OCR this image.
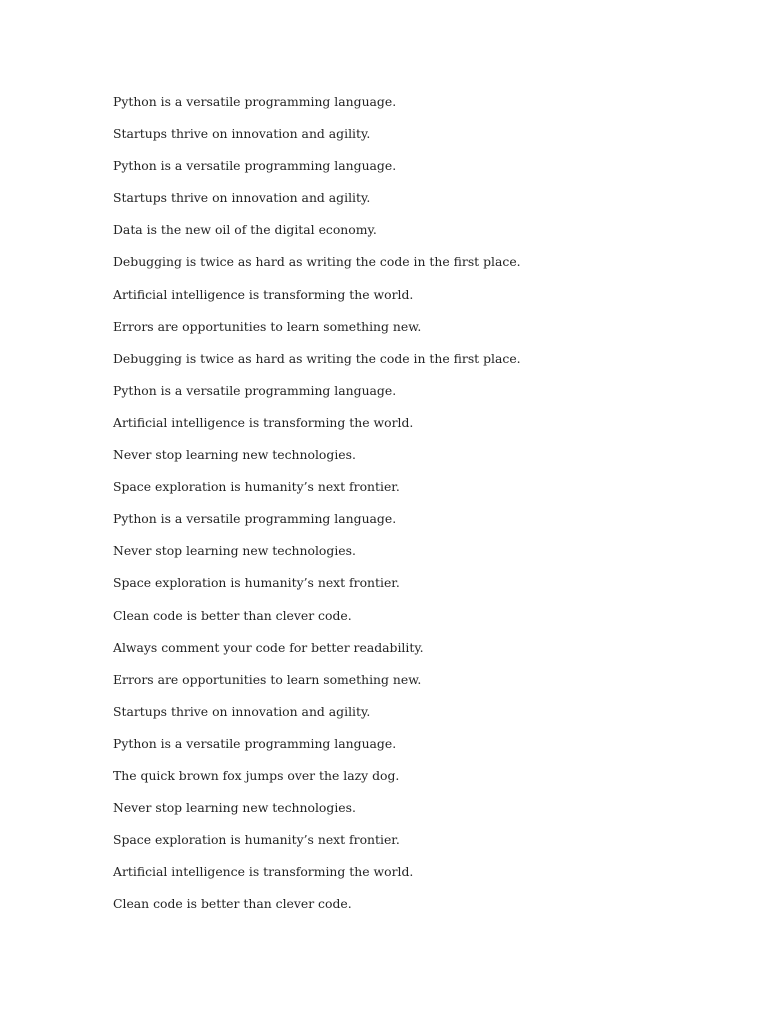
Python is a versatile programming language.
Startups thrive on innovation and agility.
Python is a versatile programming language.
Startups thrive on innovation and agility.
Data is the new oil of the digital economy.
Debugging is twice as hard as writing the code in the first place.
Artificial intelligence is transforming the world.
Errors are opportunities to learn something new.
Debugging is twice as hard as writing the code in the first place.
Python is a versatile programming language.
Artificial intelligence is transforming the world.
Never stop learning new technologies.
Space exploration is humanity’s next frontier.
Python is a versatile programming language.
Never stop learning new technologies.
Space exploration is humanity’s next frontier.
Clean code is better than clever code.
Always comment your code for better readability.
Errors are opportunities to learn something new.
Startups thrive on innovation and agility.
Python is a versatile programming language.
The quick brown fox jumps over the lazy dog.
Never stop learning new technologies.
Space exploration is humanity’s next frontier.
Artificial intelligence is transforming the world.
Clean code is better than clever code.
